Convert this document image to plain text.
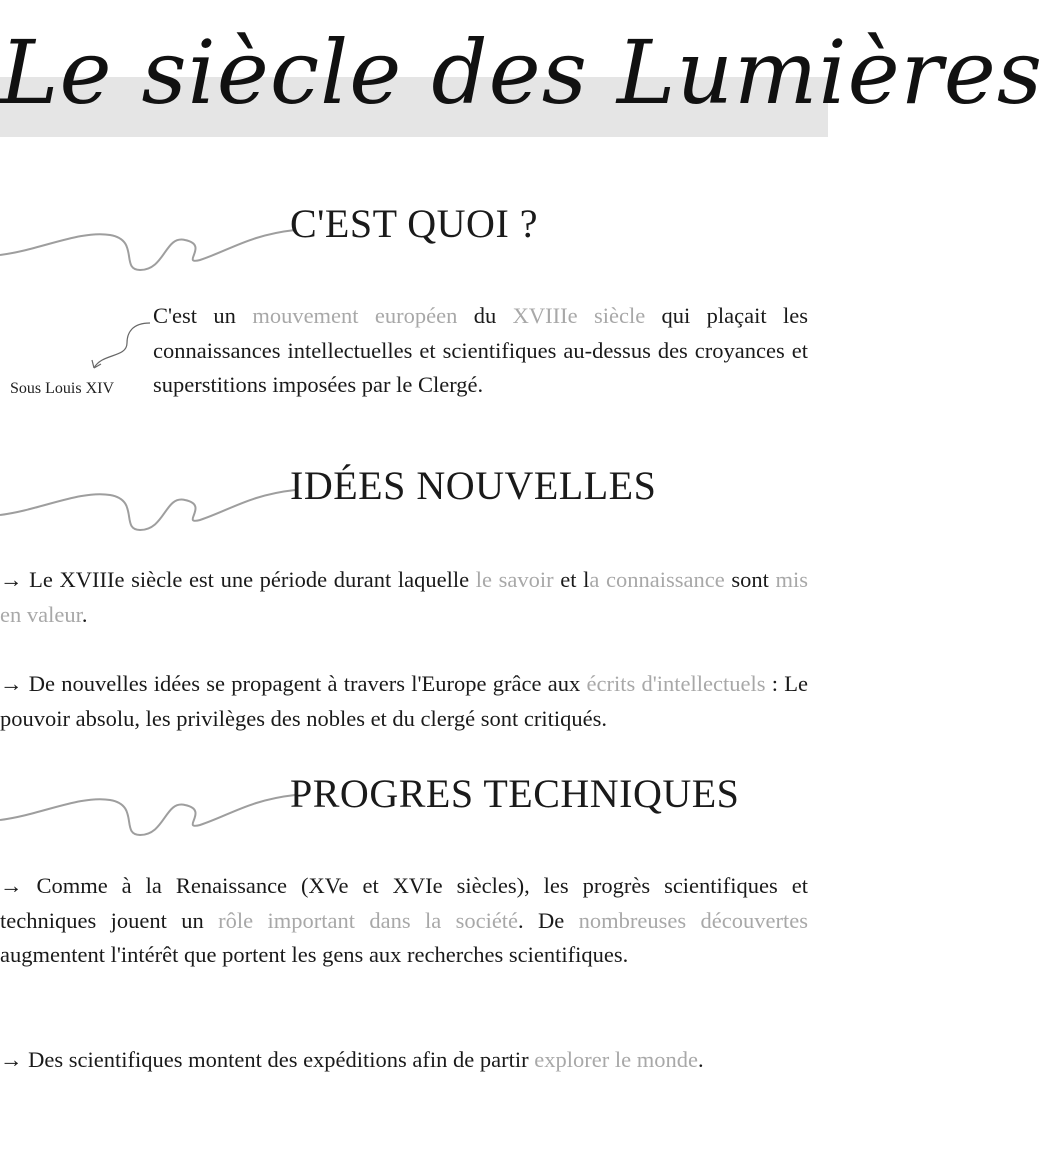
Le siècle des Lumières
C'EST QUOI ?
Sous Louis XIV

C'est un mouvement européen du XVIIIe siècle qui plaçait les connaissances intellectuelles et scientifiques au-dessus des croyances et superstitions imposées par le Clergé.

IDÉES NOUVELLES

→ Le XVIIIe siècle est une période durant laquelle le savoir et la connaissance sont mis en valeur.

→ De nouvelles idées se propagent à travers l'Europe grâce aux écrits d'intellectuels : Le pouvoir absolu, les privilèges des nobles et du clergé sont critiqués.

PROGRES TECHNIQUES

→ Comme à la Renaissance (XVe et XVIe siècles), les progrès scientifiques et techniques jouent un rôle important dans la société. De nombreuses découvertes augmentent l'intérêt que portent les gens aux recherches scientifiques.

→ Des scientifiques montent des expéditions afin de partir explorer le monde.
